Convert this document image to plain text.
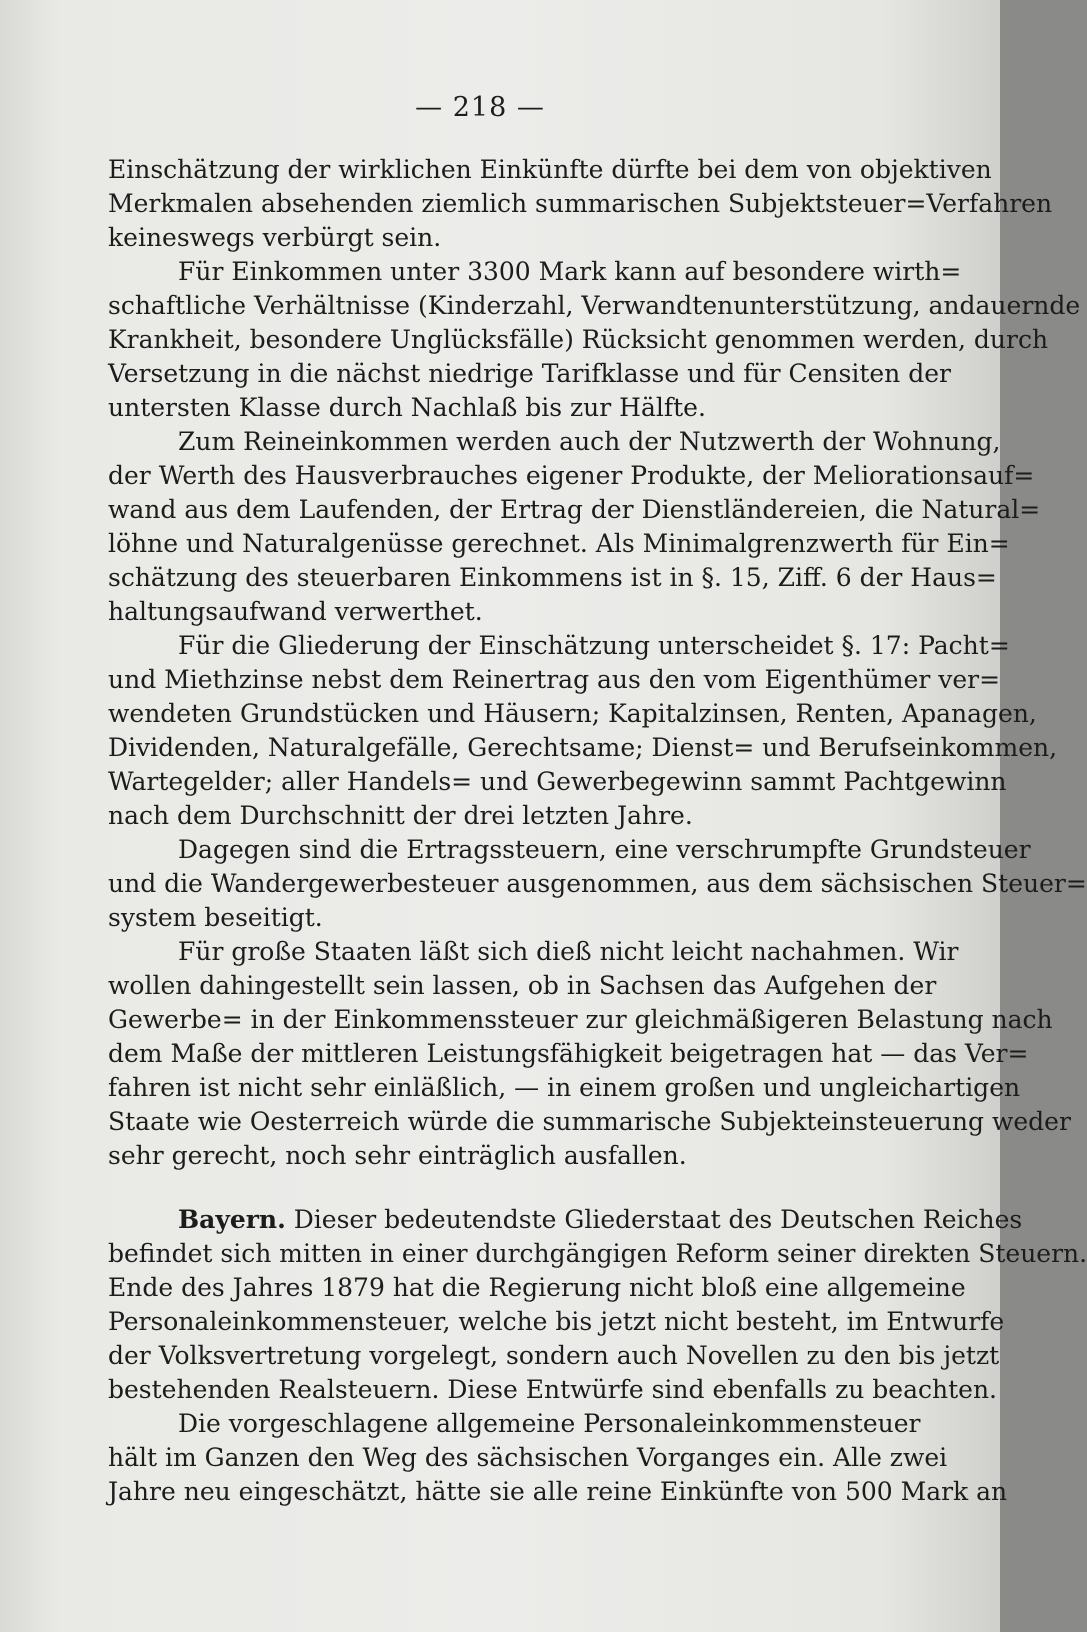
— 218 —
Einschätzung der wirklichen Einkünfte dürfte bei dem von objektiven
Merkmalen absehenden ziemlich summarischen Subjektsteuer=Verfahren
keineswegs verbürgt sein.
Für Einkommen unter 3300 Mark kann auf besondere wirth=
schaftliche Verhältnisse (Kinderzahl, Verwandtenunterstützung, andauernde
Krankheit, besondere Unglücksfälle) Rücksicht genommen werden, durch
Versetzung in die nächst niedrige Tarifklasse und für Censiten der
untersten Klasse durch Nachlaß bis zur Hälfte.
Zum Reineinkommen werden auch der Nutzwerth der Wohnung,
der Werth des Hausverbrauches eigener Produkte, der Meliorationsauf=
wand aus dem Laufenden, der Ertrag der Dienstländereien, die Natural=
löhne und Naturalgenüsse gerechnet. Als Minimalgrenzwerth für Ein=
schätzung des steuerbaren Einkommens ist in §. 15, Ziff. 6 der Haus=
haltungsaufwand verwerthet.
Für die Gliederung der Einschätzung unterscheidet §. 17: Pacht=
und Miethzinse nebst dem Reinertrag aus den vom Eigenthümer ver=
wendeten Grundstücken und Häusern; Kapitalzinsen, Renten, Apanagen,
Dividenden, Naturalgefälle, Gerechtsame; Dienst= und Berufseinkommen,
Wartegelder; aller Handels= und Gewerbegewinn sammt Pachtgewinn
nach dem Durchschnitt der drei letzten Jahre.
Dagegen sind die Ertragssteuern, eine verschrumpfte Grundsteuer
und die Wandergewerbesteuer ausgenommen, aus dem sächsischen Steuer=
system beseitigt.
Für große Staaten läßt sich dieß nicht leicht nachahmen. Wir
wollen dahingestellt sein lassen, ob in Sachsen das Aufgehen der
Gewerbe= in der Einkommenssteuer zur gleichmäßigeren Belastung nach
dem Maße der mittleren Leistungsfähigkeit beigetragen hat — das Ver=
fahren ist nicht sehr einläßlich, — in einem großen und ungleichartigen
Staate wie Oesterreich würde die summarische Subjekteinsteuerung weder
sehr gerecht, noch sehr einträglich ausfallen.
Bayern. Dieser bedeutendste Gliederstaat des Deutschen Reiches
befindet sich mitten in einer durchgängigen Reform seiner direkten Steuern.
Ende des Jahres 1879 hat die Regierung nicht bloß eine allgemeine
Personaleinkommensteuer, welche bis jetzt nicht besteht, im Entwurfe
der Volksvertretung vorgelegt, sondern auch Novellen zu den bis jetzt
bestehenden Realsteuern. Diese Entwürfe sind ebenfalls zu beachten.
Die vorgeschlagene allgemeine Personaleinkommensteuer
hält im Ganzen den Weg des sächsischen Vorganges ein. Alle zwei
Jahre neu eingeschätzt, hätte sie alle reine Einkünfte von 500 Mark an
